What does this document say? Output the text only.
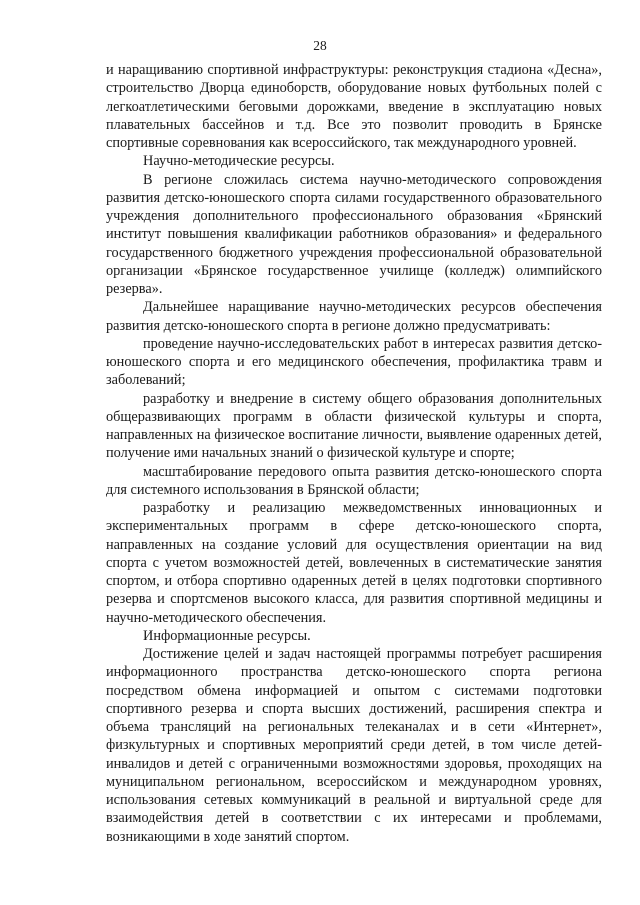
28

и наращиванию спортивной инфраструктуры: реконструкция стадиона «Десна», строительство Дворца единоборств, оборудование новых футбольных полей с легкоатлетическими беговыми дорожками, введение в эксплуатацию новых плавательных бассейнов и т.д. Все это позволит проводить в Брянске спортивные соревнования как всероссийского, так международного уровней.

Научно-методические ресурсы.

В регионе сложилась система научно-методического сопровождения развития детско-юношеского спорта силами государственного образовательного учреждения дополнительного профессионального образования «Брянский институт повышения квалификации работников образования» и федерального государственного бюджетного учреждения профессиональной образовательной организации «Брянское государственное училище (колледж) олимпийского резерва».

Дальнейшее наращивание научно-методических ресурсов обеспечения развития детско-юношеского спорта в регионе должно предусматривать:

проведение научно-исследовательских работ в интересах развития детско-юношеского спорта и его медицинского обеспечения, профилактика травм и заболеваний;

разработку и внедрение в систему общего образования дополнительных общеразвивающих программ в области физической культуры и спорта, направленных на физическое воспитание личности, выявление одаренных детей, получение ими начальных знаний о физической культуре и спорте;

масштабирование передового опыта развития детско-юношеского спорта для системного использования в Брянской области;

разработку и реализацию межведомственных инновационных и экспериментальных программ в сфере детско-юношеского спорта, направленных на создание условий для осуществления ориентации на вид спорта с учетом возможностей детей, вовлеченных в систематические занятия спортом, и отбора спортивно одаренных детей в целях подготовки спортивного резерва и спортсменов высокого класса, для развития спортивной медицины и научно-методического обеспечения.

Информационные ресурсы.

Достижение целей и задач настоящей программы потребует расширения информационного пространства детско-юношеского спорта региона посредством обмена информацией и опытом с системами подготовки спортивного резерва и спорта высших достижений, расширения спектра и объема трансляций на региональных телеканалах и в сети «Интернет», физкультурных и спортивных мероприятий среди детей, в том числе детей-инвалидов и детей с ограниченными возможностями здоровья, проходящих на муниципальном региональном, всероссийском и международном уровнях, использования сетевых коммуникаций в реальной и виртуальной среде для взаимодействия детей в соответствии с их интересами и проблемами, возникающими в ходе занятий спортом.
